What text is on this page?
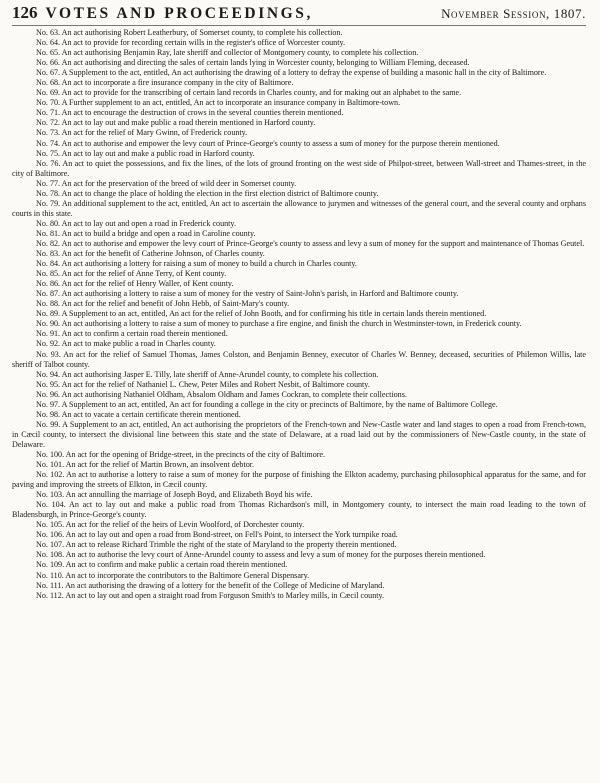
126 VOTES AND PROCEEDINGS,	November Session, 1807.

No. 63. An act authorising Robert Leatherbury, of Somerset county, to complete his collection.

No. 64. An act to provide for recording certain wills in the register's office of Worcester county.

No. 65. An act authorising Benjamin Ray, late sheriff and collector of Montgomery county, to complete his collection.

No. 66. An act authorising and directing the sales of certain lands lying in Worcester county, belonging to William Fleming, deceased.

No. 67. A Supplement to the act, entitled, An act authorising the drawing of a lottery to defray the expense of building a masonic hall in the city of Baltimore.

No. 68. An act to incorporate a fire insurance company in the city of Baltimore.

No. 69. An act to provide for the transcribing of certain land records in Charles county, and for making out an alphabet to the same.

No. 70. A Further supplement to an act, entitled, An act to incorporate an insurance company in Baltimore-town.

No. 71. An act to encourage the destruction of crows in the several counties therein mentioned.

No. 72. An act to lay out and make public a road therein mentioned in Harford county.

No. 73. An act for the relief of Mary Gwinn, of Frederick county.

No. 74. An act to authorise and empower the levy court of Prince-George's county to assess a sum of money for the purpose therein mentioned.

No. 75. An act to lay out and make a public road in Harford county.

No. 76. An act to quiet the possessions, and fix the lines, of the lots of ground fronting on the west side of Philpot-street, between Wall-street and Thames-street, in the city of Baltimore.

No. 77. An act for the preservation of the breed of wild deer in Somerset county.

No. 78. An act to change the place of holding the election in the first election district of Baltimore county.

No. 79. An additional supplement to the act, entitled, An act to ascertain the allowance to jurymen and witnesses of the general court, and the several county and orphans courts in this state.

No. 80. An act to lay out and open a road in Frederick county.

No. 81. An act to build a bridge and open a road in Caroline county.

No. 82. An act to authorise and empower the levy court of Prince-George's county to assess and levy a sum of money for the support and maintenance of Thomas Geutel.

No. 83. An act for the benefit of Catherine Johnson, of Charles county.

No. 84. An act authorising a lottery for raising a sum of money to build a church in Charles county.

No. 85. An act for the relief of Anne Terry, of Kent county.

No. 86. An act for the relief of Henry Waller, of Kent county.

No. 87. An act authorising a lottery to raise a sum of money for the vestry of Saint-John's parish, in Harford and Baltimore county.

No. 88. An act for the relief and benefit of John Hebb, of Saint-Mary's county.

No. 89. A Supplement to an act, entitled, An act for the relief of John Booth, and for confirming his title in certain lands therein mentioned.

No. 90. An act authorising a lottery to raise a sum of money to purchase a fire engine, and finish the church in Westminster-town, in Frederick county.

No. 91. An act to confirm a certain road therein mentioned.

No. 92. An act to make public a road in Charles county.

No. 93. An act for the relief of Samuel Thomas, James Colston, and Benjamin Benney, executor of Charles W. Benney, deceased, securities of Philemon Willis, late sheriff of Talbot county.

No. 94. An act authorising Jasper E. Tilly, late sheriff of Anne-Arundel county, to complete his collection.

No. 95. An act for the relief of Nathaniel L. Chew, Peter Miles and Robert Nesbit, of Baltimore county.

No. 96. An act authorising Nathaniel Oldham, Absalom Oldham and James Cockran, to complete their collections.

No. 97. A Supplement to an act, entitled, An act for founding a college in the city or precincts of Baltimore, by the name of Baltimore College.

No. 98. An act to vacate a certain certificate therein mentioned.

No. 99. A Supplement to an act, entitled, An act authorising the proprietors of the French-town and New-Castle water and land stages to open a road from French-town, in Cæcil county, to intersect the divisional line between this state and the state of Delaware, at a road laid out by the commissioners of New-Castle county, in the state of Delaware.

No. 100. An act for the opening of Bridge-street, in the precincts of the city of Baltimore.

No. 101. An act for the relief of Martin Brown, an insolvent debtor.

No. 102. An act to authorise a lottery to raise a sum of money for the purpose of finishing the Elkton academy, purchasing philosophical apparatus for the same, and for paving and improving the streets of Elkton, in Cæcil county.

No. 103. An act annulling the marriage of Joseph Boyd, and Elizabeth Boyd his wife.

No. 104. An act to lay out and make a public road from Thomas Richardson's mill, in Montgomery county, to intersect the main road leading to the town of Bladensburgh, in Prince-George's county.

No. 105. An act for the relief of the heirs of Levin Woolford, of Dorchester county.

No. 106. An act to lay out and open a road from Bond-street, on Fell's Point, to intersect the York turnpike road.

No. 107. An act to release Richard Trimble the right of the state of Maryland to the property therein mentioned.

No. 108. An act to authorise the levy court of Anne-Arundel county to assess and levy a sum of money for the purposes therein mentioned.

No. 109. An act to confirm and make public a certain road therein mentioned.

No. 110. An act to incorporate the contributors to the Baltimore General Dispensary.

No. 111. An act authorising the drawing of a lottery for the benefit of the College of Medicine of Maryland.

No. 112. An act to lay out and open a straight road from Forguson Smith's to Marley mills, in Cæcil county.
